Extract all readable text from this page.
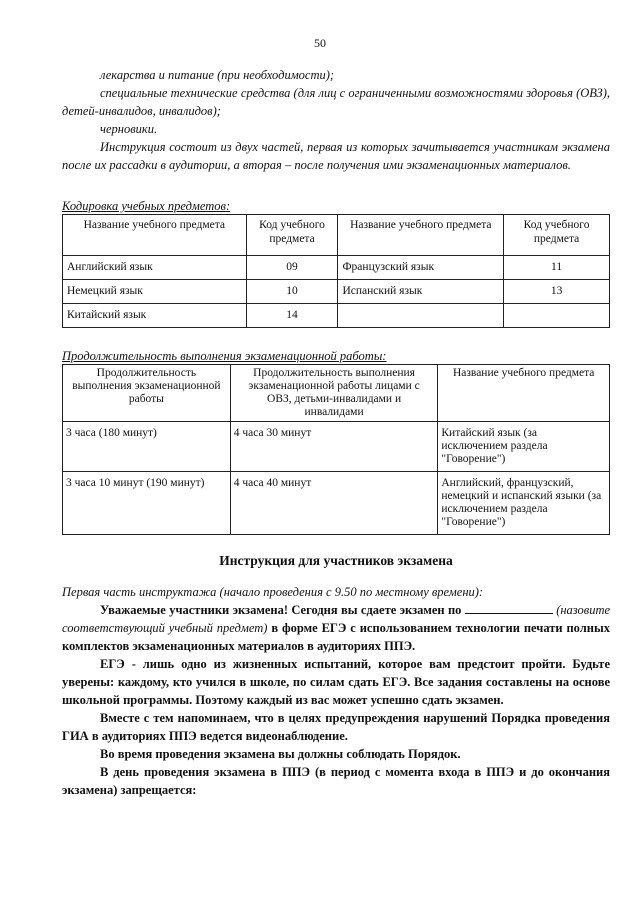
50

лекарства и питание (при необходимости);

специальные технические средства (для лиц с ограниченными возможностями здоровья (ОВЗ), детей-инвалидов, инвалидов);

черновики.

Инструкция состоит из двух частей, первая из которых зачитывается участникам экзамена после их рассадки в аудитории, а вторая – после получения ими экзаменационных материалов.

Кодировка учебных предметов:

Название учебного предмета	Код учебного предмета	Название учебного предмета	Код учебного предмета
Английский язык	09	Французский язык	11
Немецкий язык	10	Испанский язык	13
Китайский язык	14		

Продолжительность выполнения экзаменационной работы:

Продолжительность выполнения экзаменационной работы	Продолжительность выполнения экзаменационной работы лицами с ОВЗ, детьми-инвалидами и инвалидами	Название учебного предмета
3 часа (180 минут)	4 часа 30 минут	Китайский язык (за исключением раздела "Говорение")
3 часа 10 минут (190 минут)	4 часа 40 минут	Английский, французский, немецкий и испанский языки (за исключением раздела "Говорение")

Инструкция для участников экзамена

Первая часть инструктажа (начало проведения с 9.50 по местному времени):

Уважаемые участники экзамена! Сегодня вы сдаете экзамен по	(назовите соответствующий учебный предмет) в форме ЕГЭ с использованием технологии печати полных комплектов экзаменационных материалов в аудиториях ППЭ.

ЕГЭ - лишь одно из жизненных испытаний, которое вам предстоит пройти. Будьте уверены: каждому, кто учился в школе, по силам сдать ЕГЭ. Все задания составлены на основе школьной программы. Поэтому каждый из вас может успешно сдать экзамен.

Вместе с тем напоминаем, что в целях предупреждения нарушений Порядка проведения ГИА в аудиториях ППЭ ведется видеонаблюдение.

Во время проведения экзамена вы должны соблюдать Порядок.

В день проведения экзамена в ППЭ (в период с момента входа в ППЭ и до окончания экзамена) запрещается:
